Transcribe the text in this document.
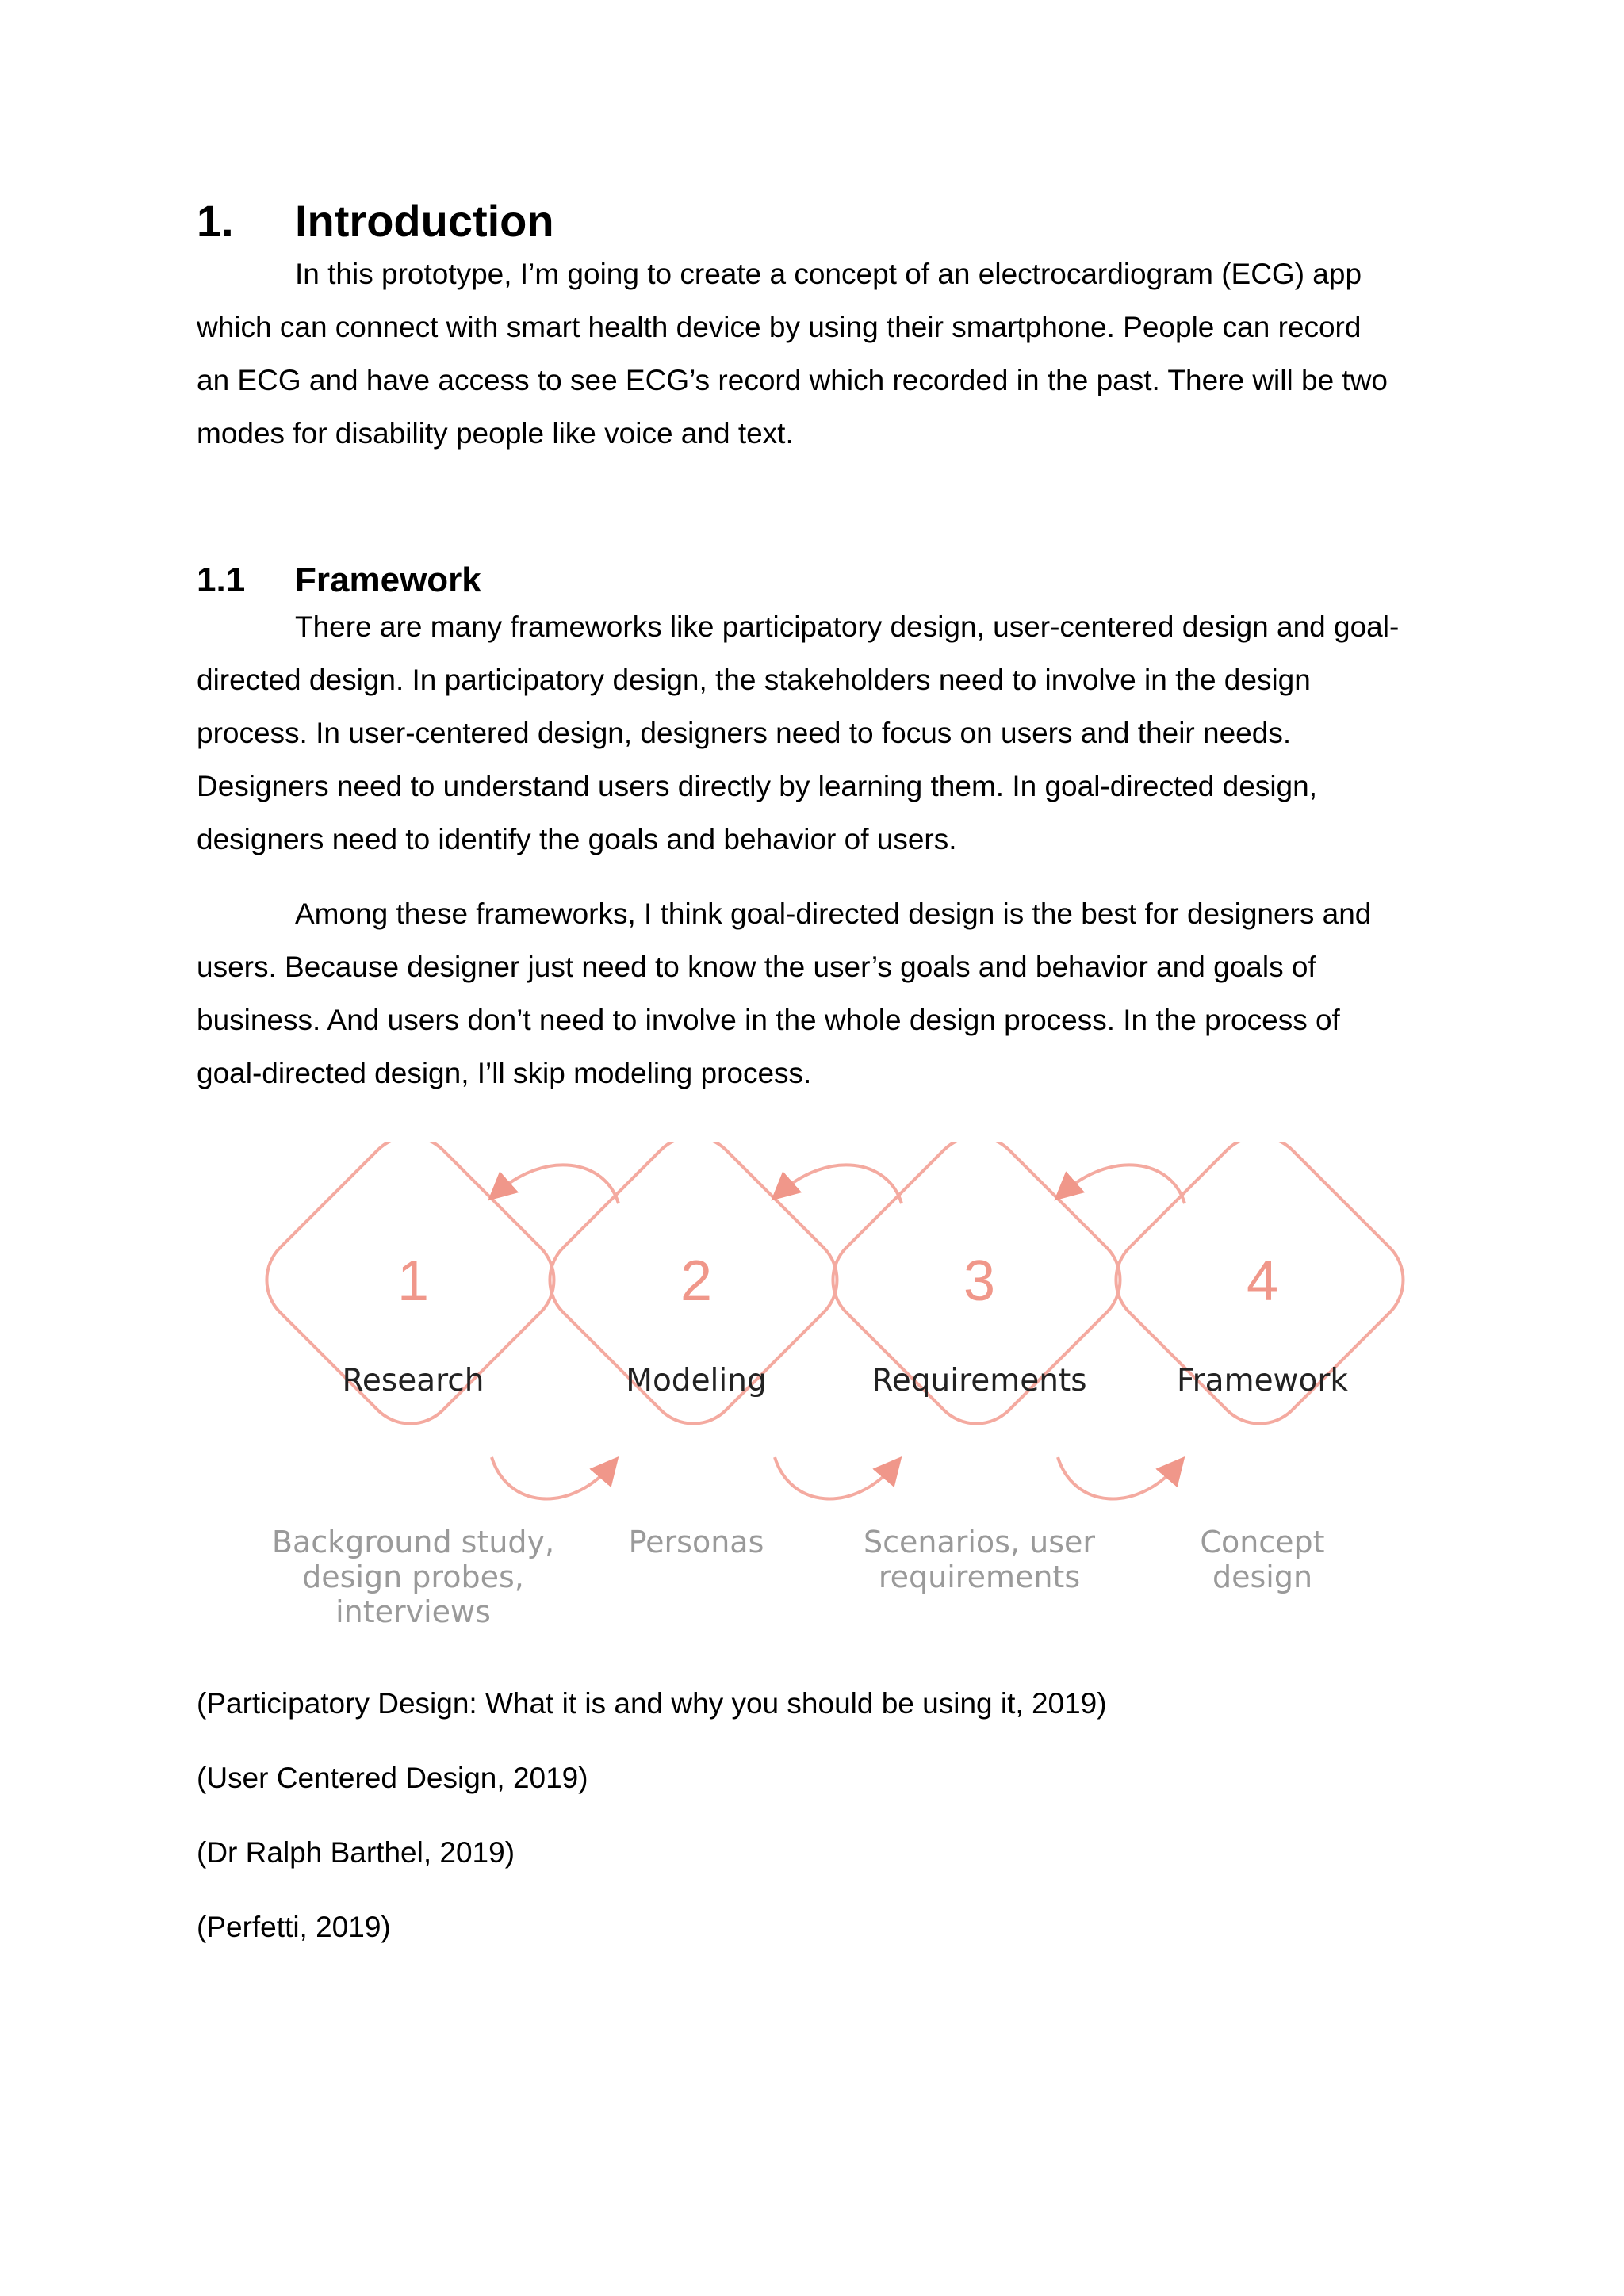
1. Introduction

In this prototype, I’m going to create a concept of an electrocardiogram (ECG) app
which can connect with smart health device by using their smartphone. People can record
an ECG and have access to see ECG’s record which recorded in the past. There will be two
modes for disability people like voice and text.

1.1 Framework

There are many frameworks like participatory design, user-centered design and goal-
directed design. In participatory design, the stakeholders need to involve in the design
process. In user-centered design, designers need to focus on users and their needs.
Designers need to understand users directly by learning them. In goal-directed design,
designers need to identify the goals and behavior of users.

Among these frameworks, I think goal-directed design is the best for designers and
users. Because designer just need to know the user’s goals and behavior and goals of
business. And users don’t need to involve in the whole design process. In the process of
goal-directed design, I’ll skip modeling process.

1
Research
Background study,
design probes,
interviews
2
Modeling
Personas
3
Requirements
Scenarios, user
requirements
4
Framework
Concept
design

(Participatory Design: What it is and why you should be using it, 2019)

(User Centered Design, 2019)

(Dr Ralph Barthel, 2019)

(Perfetti, 2019)
